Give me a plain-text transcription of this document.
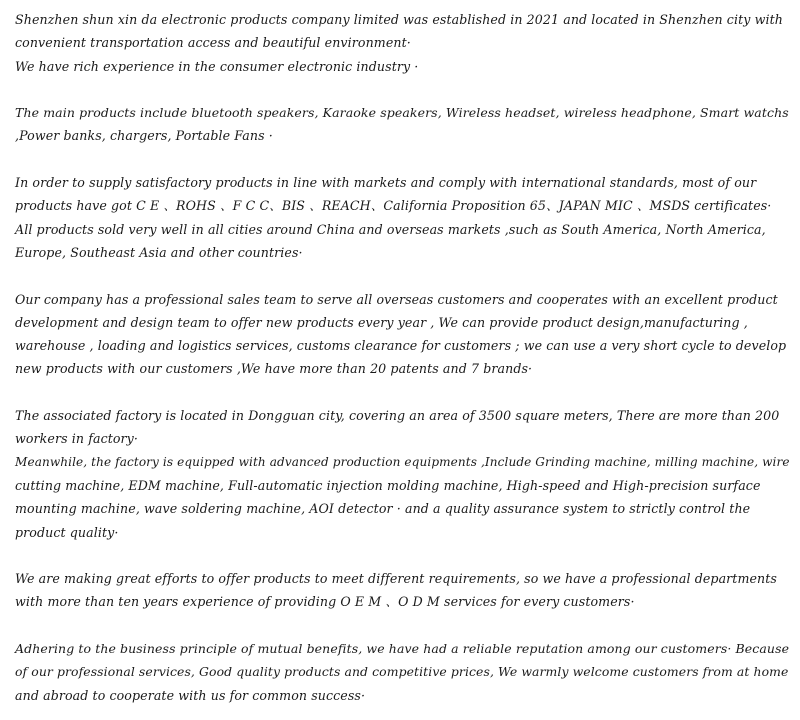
Shenzhen shun xin da electronic products company limited was established in 2021 and located in Shenzhen city with
convenient transportation access and beautiful environment·
We have rich experience in the consumer electronic industry ·
The main products include bluetooth speakers, Karaoke speakers, Wireless headset, wireless headphone, Smart watchs
,Power banks, chargers, Portable Fans ·
In order to supply satisfactory products in line with markets and comply with international standards, most of our
products have got C E 、ROHS 、F C C、BIS 、REACH、California Proposition 65、JAPAN MIC 、MSDS certificates·
All products sold very well in all cities around China and overseas markets ,such as South America, North America,
Europe, Southeast Asia and other countries·
Our company has a professional sales team to serve all overseas customers and cooperates with an excellent product
development and design team to offer new products every year , We can provide product design,manufacturing ,
warehouse , loading and logistics services, customs clearance for customers ; we can use a very short cycle to develop
new products with our customers ,We have more than 20 patents and 7 brands·
The associated factory is located in Dongguan city, covering an area of 3500 square meters, There are more than 200
workers in factory·
Meanwhile, the factory is equipped with advanced production equipments ,Include Grinding machine, milling machine, wire
cutting machine, EDM machine, Full-automatic injection molding machine, High-speed and High-precision surface
mounting machine, wave soldering machine, AOI detector · and a quality assurance system to strictly control the
product quality·
We are making great efforts to offer products to meet different requirements, so we have a professional departments
with more than ten years experience of providing O E M 、O D M services for every customers·
Adhering to the business principle of mutual benefits, we have had a reliable reputation among our customers· Because
of our professional services, Good quality products and competitive prices, We warmly welcome customers from at home
and abroad to cooperate with us for common success·
